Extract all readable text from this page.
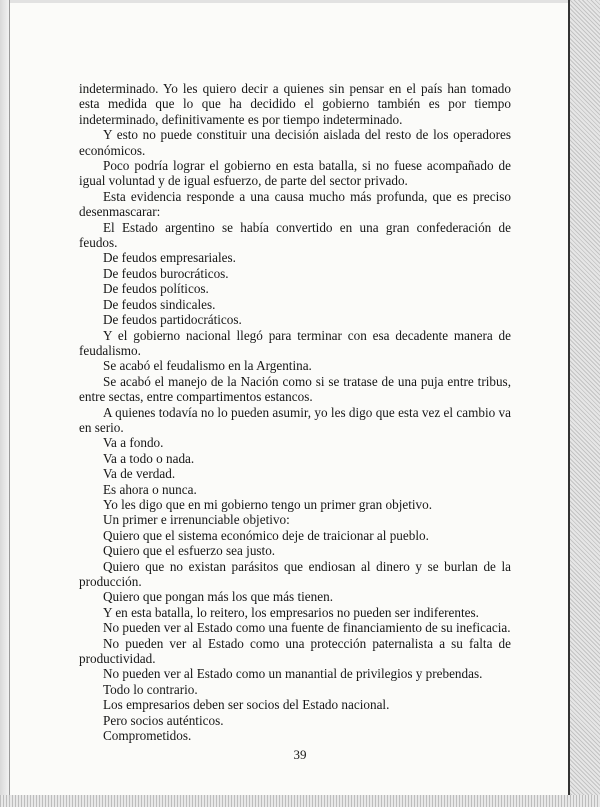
indeterminado. Yo les quiero decir a quienes sin pensar en el país han tomado esta medida que lo que ha decidido el gobierno también es por tiempo indeterminado, definitivamente es por tiempo indeterminado.

Y esto no puede constituir una decisión aislada del resto de los operadores económicos.

Poco podría lograr el gobierno en esta batalla, si no fuese acompañado de igual voluntad y de igual esfuerzo, de parte del sector privado.

Esta evidencia responde a una causa mucho más profunda, que es preciso desenmascarar:

El Estado argentino se había convertido en una gran confederación de feudos.

De feudos empresariales.

De feudos burocráticos.

De feudos políticos.

De feudos sindicales.

De feudos partidocráticos.

Y el gobierno nacional llegó para terminar con esa decadente manera de feudalismo.

Se acabó el feudalismo en la Argentina.

Se acabó el manejo de la Nación como si se tratase de una puja entre tribus, entre sectas, entre compartimentos estancos.

A quienes todavía no lo pueden asumir, yo les digo que esta vez el cambio va en serio.

Va a fondo.

Va a todo o nada.

Va de verdad.

Es ahora o nunca.

Yo les digo que en mi gobierno tengo un primer gran objetivo.

Un primer e irrenunciable objetivo:

Quiero que el sistema económico deje de traicionar al pueblo.

Quiero que el esfuerzo sea justo.

Quiero que no existan parásitos que endiosan al dinero y se burlan de la producción.

Quiero que pongan más los que más tienen.

Y en esta batalla, lo reitero, los empresarios no pueden ser indiferentes.

No pueden ver al Estado como una fuente de financiamiento de su ineficacia.

No pueden ver al Estado como una protección paternalista a su falta de productividad.

No pueden ver al Estado como un manantial de privilegios y prebendas.

Todo lo contrario.

Los empresarios deben ser socios del Estado nacional.

Pero socios auténticos.

Comprometidos.

39
